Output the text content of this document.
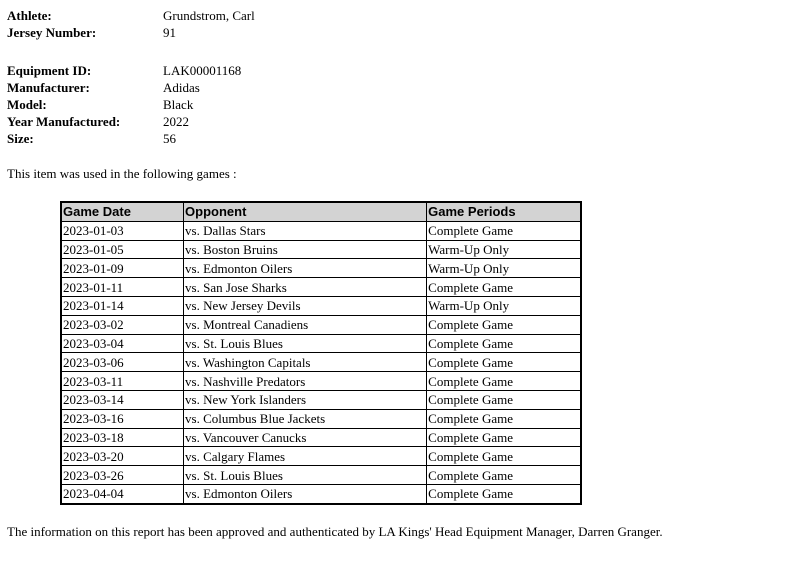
Athlete:	Grundstrom, Carl
Jersey Number:	91
Equipment ID:	LAK00001168
Manufacturer:	Adidas
Model:	Black
Year Manufactured:	2022
Size:	56
This item was used in the following games :
Game Date	Opponent	Game Periods
2023-01-03	vs. Dallas Stars	Complete Game
2023-01-05	vs. Boston Bruins	Warm-Up Only
2023-01-09	vs. Edmonton Oilers	Warm-Up Only
2023-01-11	vs. San Jose Sharks	Complete Game
2023-01-14	vs. New Jersey Devils	Warm-Up Only
2023-03-02	vs. Montreal Canadiens	Complete Game
2023-03-04	vs. St. Louis Blues	Complete Game
2023-03-06	vs. Washington Capitals	Complete Game
2023-03-11	vs. Nashville Predators	Complete Game
2023-03-14	vs. New York Islanders	Complete Game
2023-03-16	vs. Columbus Blue Jackets	Complete Game
2023-03-18	vs. Vancouver Canucks	Complete Game
2023-03-20	vs. Calgary Flames	Complete Game
2023-03-26	vs. St. Louis Blues	Complete Game
2023-04-04	vs. Edmonton Oilers	Complete Game
The information on this report has been approved and authenticated by LA Kings' Head Equipment Manager, Darren Granger.
